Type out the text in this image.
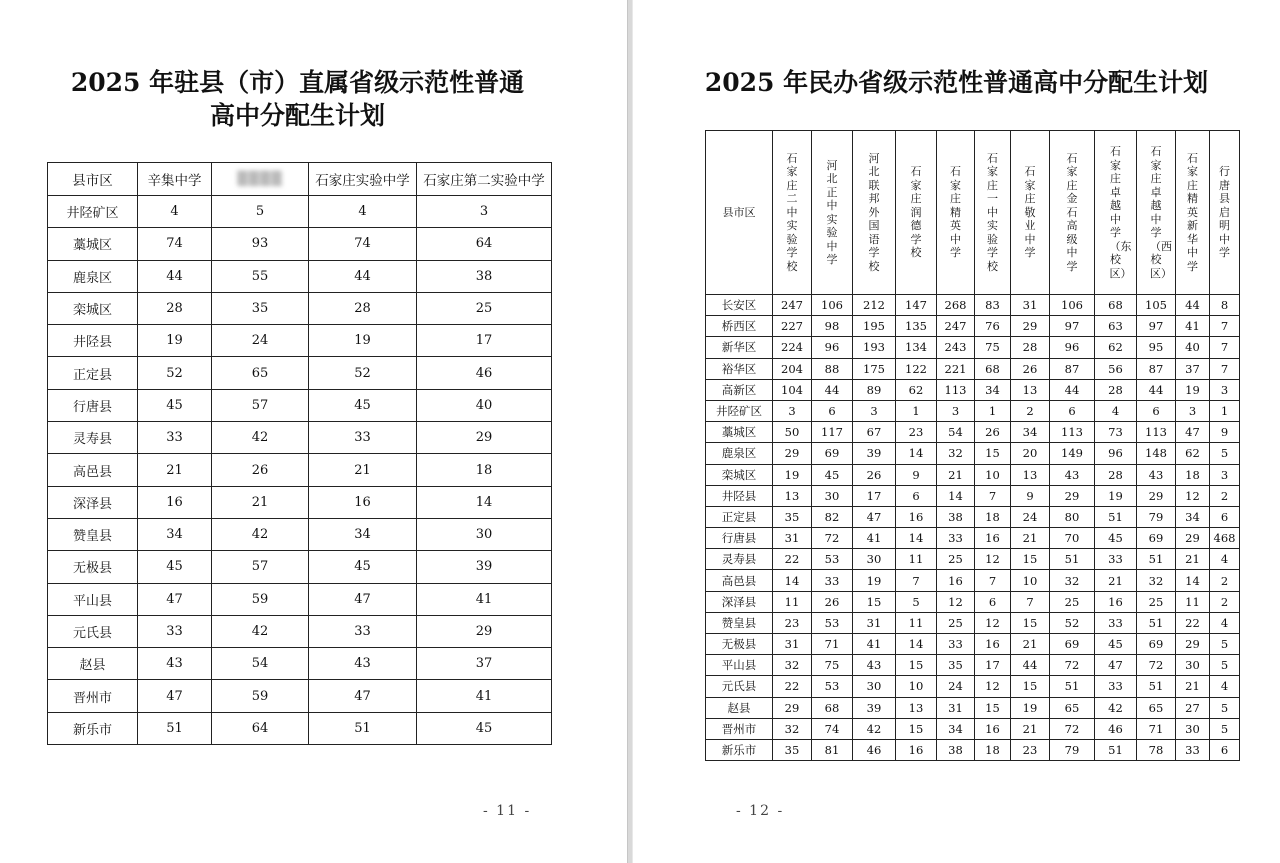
2025 年驻县（市）直属省级示范性普通
高中分配生计划
县市区	辛集中学	▒▒▒▒	石家庄实验中学	石家庄第二实验中学
井陉矿区	4	5	4	3
藁城区	74	93	74	64
鹿泉区	44	55	44	38
栾城区	28	35	28	25
井陉县	19	24	19	17
正定县	52	65	52	46
行唐县	45	57	45	40
灵寿县	33	42	33	29
高邑县	21	26	21	18
深泽县	16	21	16	14
赞皇县	34	42	34	30
无极县	45	57	45	39
平山县	47	59	47	41
元氏县	33	42	33	29
赵县	43	54	43	37
晋州市	47	59	47	41
新乐市	51	64	51	45
- 11 -
2025 年民办省级示范性普通高中分配生计划
县市区	石家庄二中实验学校	河北正中实验中学	河北联邦外国语学校	石家庄润德学校	石家庄精英中学	石家庄一中实验学校	石家庄敬业中学	石家庄金石高级中学	石家庄卓越中学（东校区）	石家庄卓越中学（西校区）	石家庄精英新华中学	行唐县启明中学
长安区	247	106	212	147	268	83	31	106	68	105	44	8
桥西区	227	98	195	135	247	76	29	97	63	97	41	7
新华区	224	96	193	134	243	75	28	96	62	95	40	7
裕华区	204	88	175	122	221	68	26	87	56	87	37	7
高新区	104	44	89	62	113	34	13	44	28	44	19	3
井陉矿区	3	6	3	1	3	1	2	6	4	6	3	1
藁城区	50	117	67	23	54	26	34	113	73	113	47	9
鹿泉区	29	69	39	14	32	15	20	149	96	148	62	5
栾城区	19	45	26	9	21	10	13	43	28	43	18	3
井陉县	13	30	17	6	14	7	9	29	19	29	12	2
正定县	35	82	47	16	38	18	24	80	51	79	34	6
行唐县	31	72	41	14	33	16	21	70	45	69	29	468
灵寿县	22	53	30	11	25	12	15	51	33	51	21	4
高邑县	14	33	19	7	16	7	10	32	21	32	14	2
深泽县	11	26	15	5	12	6	7	25	16	25	11	2
赞皇县	23	53	31	11	25	12	15	52	33	51	22	4
无极县	31	71	41	14	33	16	21	69	45	69	29	5
平山县	32	75	43	15	35	17	44	72	47	72	30	5
元氏县	22	53	30	10	24	12	15	51	33	51	21	4
赵县	29	68	39	13	31	15	19	65	42	65	27	5
晋州市	32	74	42	15	34	16	21	72	46	71	30	5
新乐市	35	81	46	16	38	18	23	79	51	78	33	6
- 12 -
